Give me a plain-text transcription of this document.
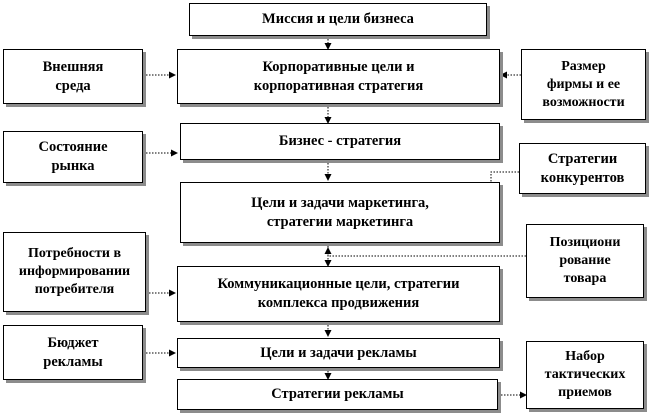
Миссия и цели бизнеса
Корпоративные цели и
корпоративная стратегия
Бизнес - стратегия
Цели и задачи маркетинга,
стратегии маркетинга
Коммуникационные цели, стратегии
комплекса продвижения
Цели и задачи рекламы
Стратегии рекламы
Внешняя
среда
Состояние
рынка
Потребности в
информировании
потребителя
Бюджет
рекламы
Размер
фирмы и ее
возможности
Стратегии
конкурентов
Позициони
рование
товара
Набор
тактических
приемов
